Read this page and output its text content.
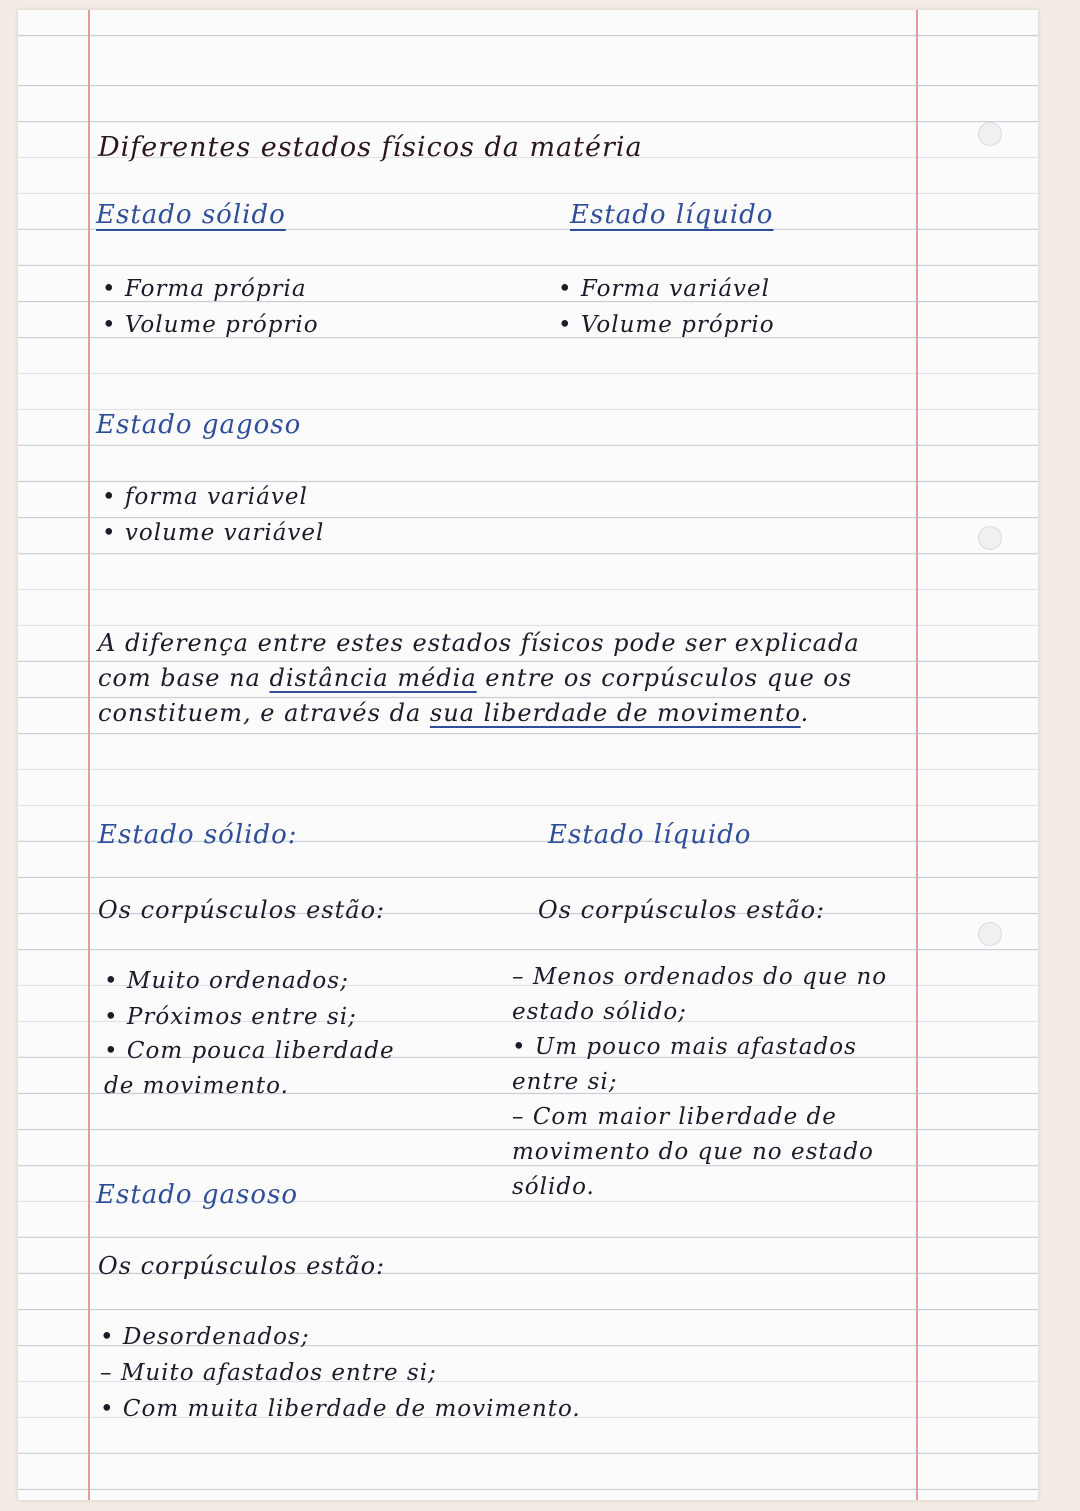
Diferentes estados físicos da matéria
Estado sólido	Estado líquido
• Forma própria
• Volume próprio
• Forma variável
• Volume próprio
Estado gagoso
• forma variável
• volume variável
A diferença entre estes estados físicos pode ser explicada com base na distância média entre os corpúsculos que os constituem, e através da sua liberdade de movimento.
Estado sólido:	Estado líquido
Os corpúsculos estão:	Os corpúsculos estão:
• Muito ordenados;
• Próximos entre si;
• Com pouca liberdade de movimento.
– Menos ordenados do que no estado sólido;
• Um pouco mais afastados entre si;
– Com maior liberdade de movimento do que no estado sólido.
Estado gasoso
Os corpúsculos estão:
• Desordenados;
– Muito afastados entre si;
• Com muita liberdade de movimento.
